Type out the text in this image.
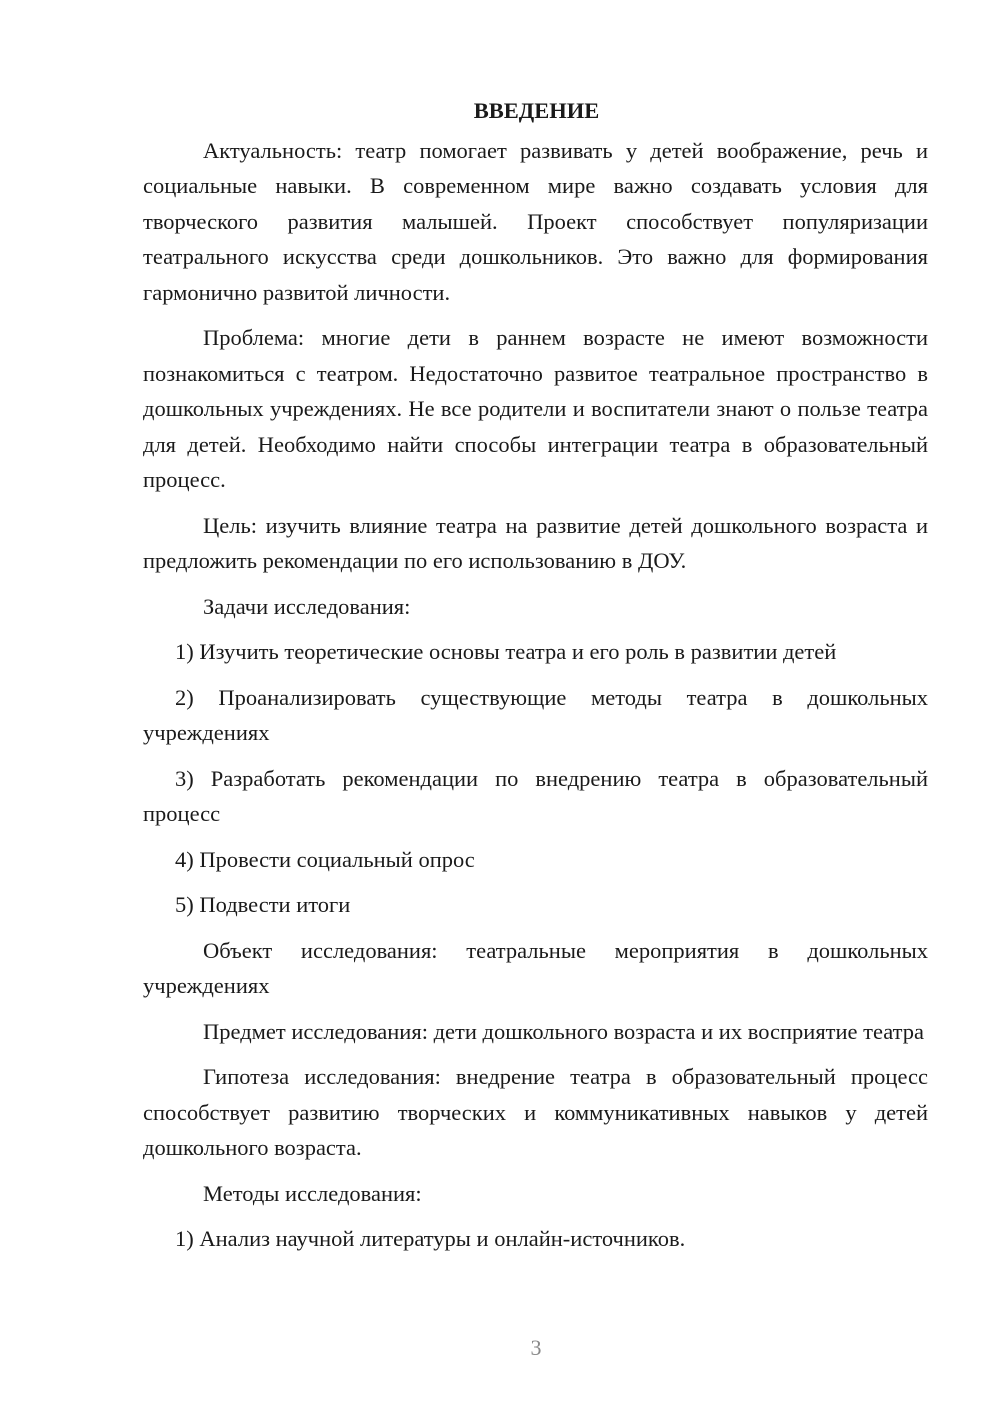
ВВЕДЕНИЕ

Актуальность: театр помогает развивать у детей воображение, речь и социальные навыки. В современном мире важно создавать условия для творческого развития малышей. Проект способствует популяризации театрального искусства среди дошкольников. Это важно для формирования гармонично развитой личности.

Проблема: многие дети в раннем возрасте не имеют возможности познакомиться с театром. Недостаточно развитое театральное пространство в дошкольных учреждениях. Не все родители и воспитатели знают о пользе театра для детей. Необходимо найти способы интеграции театра в образовательный процесс.

Цель: изучить влияние театра на развитие детей дошкольного возраста и предложить рекомендации по его использованию в ДОУ.

Задачи исследования:

1) Изучить теоретические основы театра и его роль в развитии детей

2) Проанализировать существующие методы театра в дошкольных учреждениях

3) Разработать рекомендации по внедрению театра в образовательный процесс

4) Провести социальный опрос

5) Подвести итоги

Объект исследования: театральные мероприятия в дошкольных учреждениях

Предмет исследования: дети дошкольного возраста и их восприятие театра

Гипотеза исследования: внедрение театра в образовательный процесс способствует развитию творческих и коммуникативных навыков у детей дошкольного возраста.

Методы исследования:

1) Анализ научной литературы и онлайн-источников.

3
